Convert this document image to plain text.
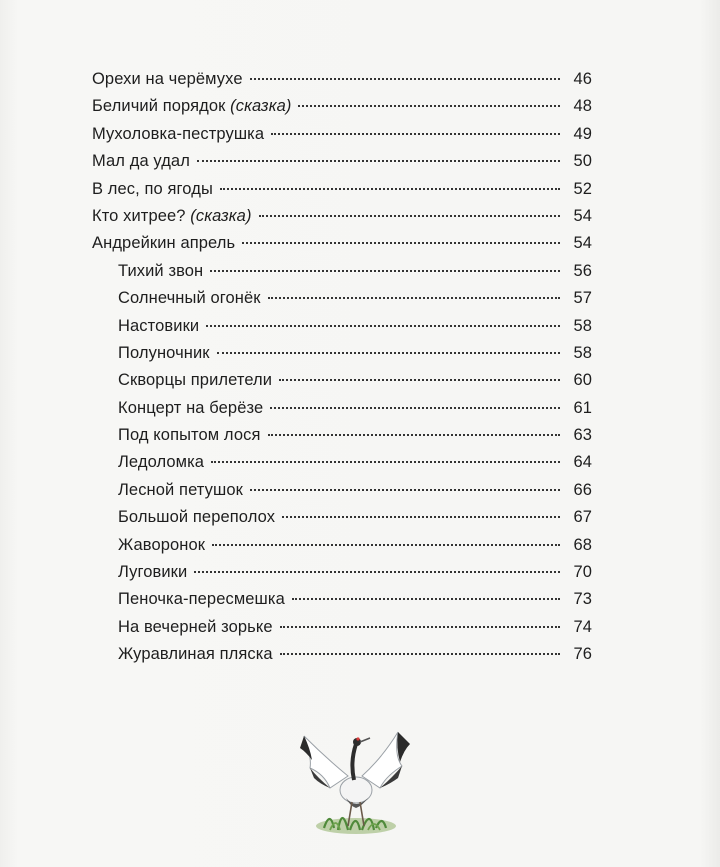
Орехи на черёмухе	46
Беличий порядок (сказка)	48
Мухоловка-пеструшка	49
Мал да удал	50
В лес, по ягоды	52
Кто хитрее? (сказка)	54
Андрейкин апрель	54
Тихий звон	56
Солнечный огонёк	57
Настовики	58
Полуночник	58
Скворцы прилетели	60
Концерт на берёзе	61
Под копытом лося	63
Ледоломка	64
Лесной петушок	66
Большой переполох	67
Жаворонок	68
Луговики	70
Пеночка-пересмешка	73
На вечерней зорьке	74
Журавлиная пляска	76
